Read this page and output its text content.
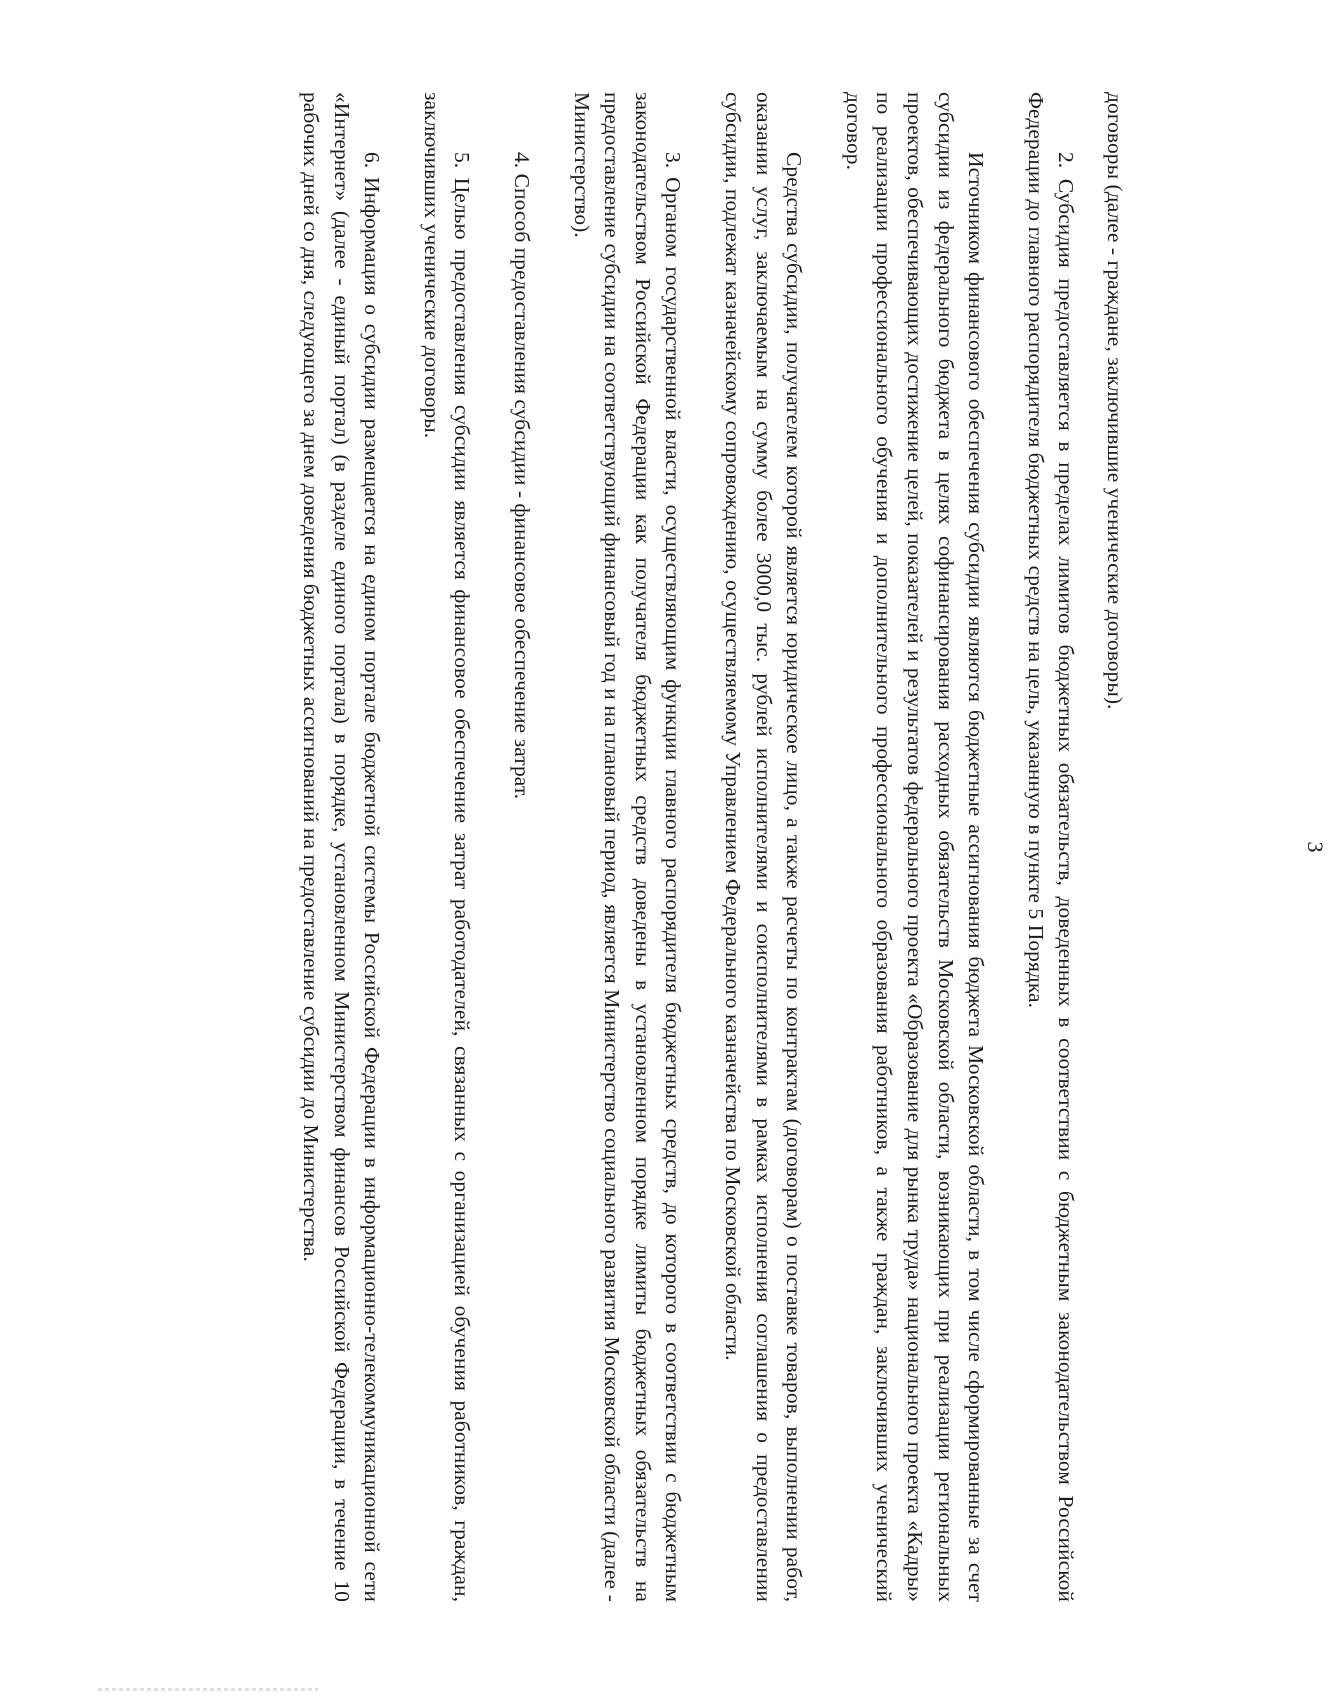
3

договоры (далее - граждане, заключившие ученические договоры).

2. Субсидия предоставляется в пределах лимитов бюджетных обязательств, доведенных в соответствии с бюджетным законодательством Российской Федерации до главного распорядителя бюджетных средств на цель, указанную в пункте 5 Порядка.

Источником финансового обеспечения субсидии являются бюджетные ассигнования бюджета Московской области, в том числе сформированные за счет субсидии из федерального бюджета в целях софинансирования расходных обязательств Московской области, возникающих при реализации региональных проектов, обеспечивающих достижение целей, показателей и результатов федерального проекта «Образование для рынка труда» национального проекта «Кадры» по реализации профессионального обучения и дополнительного профессионального образования работников, а также граждан, заключивших ученический договор.

Средства субсидии, получателем которой является юридическое лицо, а также расчеты по контрактам (договорам) о поставке товаров, выполнении работ, оказании услуг, заключаемым на сумму более 3000,0 тыс. рублей исполнителями и соисполнителями в рамках исполнения соглашения о предоставлении субсидии, подлежат казначейскому сопровождению, осуществляемому Управлением Федерального казначейства по Московской области.

3. Органом государственной власти, осуществляющим функции главного распорядителя бюджетных средств, до которого в соответствии с бюджетным законодательством Российской Федерации как получателя бюджетных средств доведены в установленном порядке лимиты бюджетных обязательств на предоставление субсидии на соответствующий финансовый год и на плановый период, является Министерство социального развития Московской области (далее - Министерство).

4. Способ предоставления субсидии - финансовое обеспечение затрат.

5. Целью предоставления субсидии является финансовое обеспечение затрат работодателей, связанных с организацией обучения работников, граждан, заключивших ученические договоры.

6. Информация о субсидии размещается на едином портале бюджетной системы Российской Федерации в информационно-телекоммуникационной сети «Интернет» (далее - единый портал) (в разделе единого портала) в порядке, установленном Министерством финансов Российской Федерации, в течение 10 рабочих дней со дня, следующего за днем доведения бюджетных ассигнований на предоставление субсидии до Министерства.
